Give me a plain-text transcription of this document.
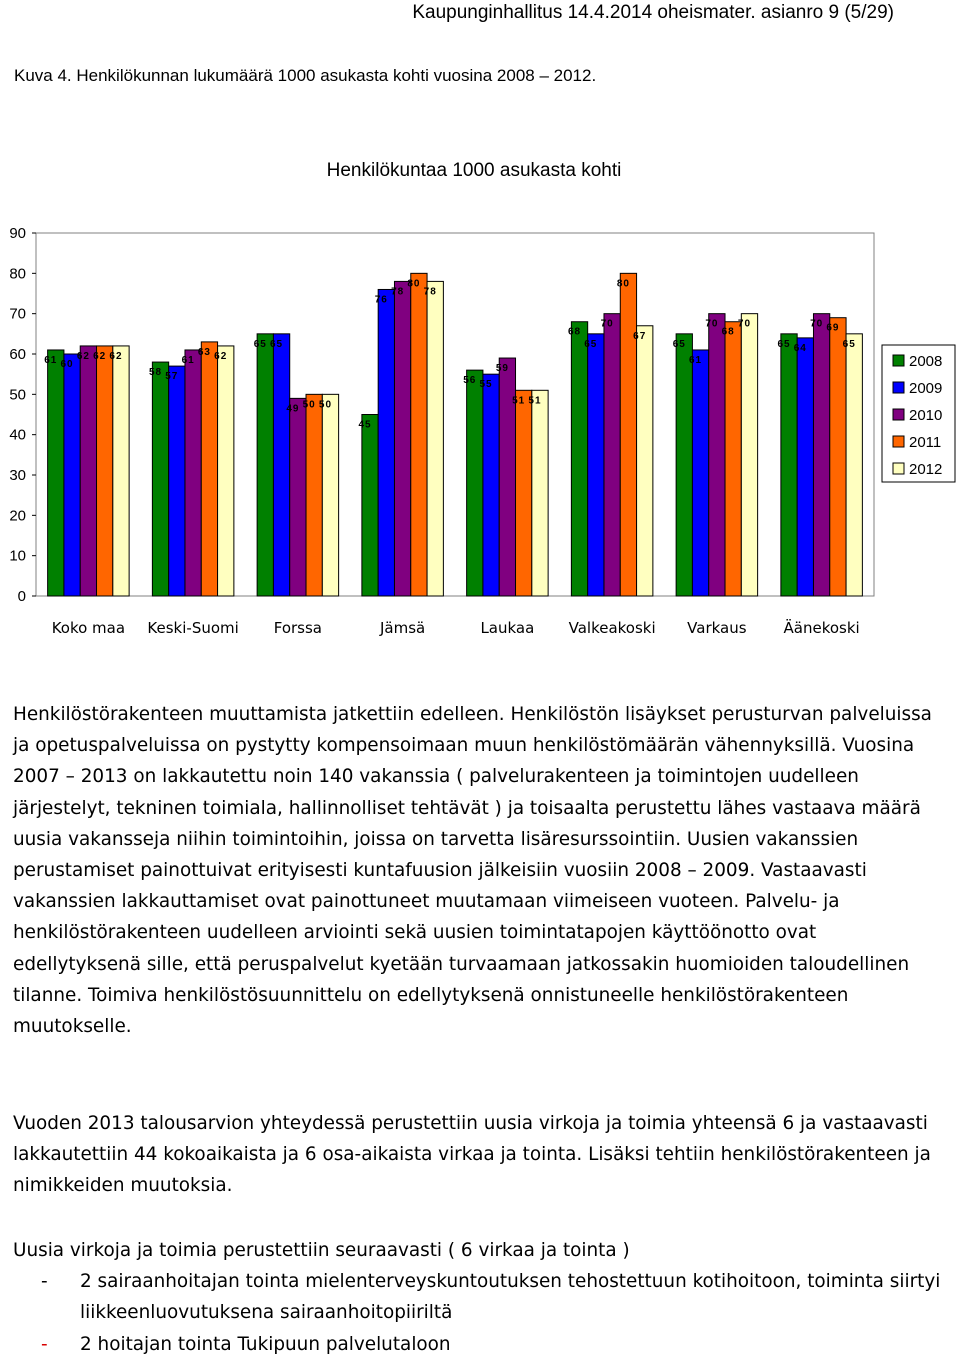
Kaupunginhallitus 14.4.2014 oheismater. asianro 9 (5/29)
Kuva 4. Henkilökunnan lukumäärä 1000 asukasta kohti vuosina 2008 – 2012.
Henkilökuntaa 1000 asukasta kohti
0
10
20
30
40
50
60
70
80
90
61 60
62 62 62
58 57
61
63 62
65 65
49 50 50
45
76
78
80
78
56 55
59
51 51
68
65
70
80
67
65
61
70
68
70
65 64
70 69
65
Koko maa Keski-Suomi Forssa	Jämsä	Laukaa Valkeakoski Varkaus Äänekoski
2008
2009
2010
2011
2012

Henkilöstörakenteen muuttamista jatkettiin edelleen. Henkilöstön lisäykset perusturvan palveluissa ja opetuspalveluissa on pystytty kompensoimaan muun henkilöstömäärän vähennyksillä. Vuosina 2007 – 2013 on lakkautettu noin 140 vakanssia ( palvelurakenteen ja toimintojen uudelleen järjestelyt, tekninen toimiala, hallinnolliset tehtävät ) ja toisaalta perustettu lähes vastaava määrä uusia vakansseja niihin toimintoihin, joissa on tarvetta lisäresurssointiin. Uusien vakanssien perustamiset painottuivat erityisesti kuntafuusion jälkeisiin vuosiin 2008 – 2009. Vastaavasti vakanssien lakkauttamiset ovat painottuneet muutamaan viimeiseen vuoteen. Palvelu- ja henkilöstörakenteen uudelleen arviointi sekä uusien toimintatapojen käyttöönotto ovat edellytyksenä sille, että peruspalvelut kyetään turvaamaan jatkossakin huomioiden taloudellinen tilanne. Toimiva henkilöstösuunnittelu on edellytyksenä onnistuneelle henkilöstörakenteen muutokselle.

Vuoden 2013 talousarvion yhteydessä perustettiin uusia virkoja ja toimia yhteensä 6 ja vastaavasti lakkautettiin 44 kokoaikaista ja 6 osa-aikaista virkaa ja tointa. Lisäksi tehtiin henkilöstörakenteen ja nimikkeiden muutoksia.

Uusia virkoja ja toimia perustettiin seuraavasti ( 6 virkaa ja tointa )

- 2 sairaanhoitajan tointa mielenterveyskuntoutuksen tehostettuun kotihoitoon, toiminta siirtyi liikkeenluovutuksena sairaanhoitopiiriltä
- 2 hoitajan tointa Tukipuun palvelutaloon
